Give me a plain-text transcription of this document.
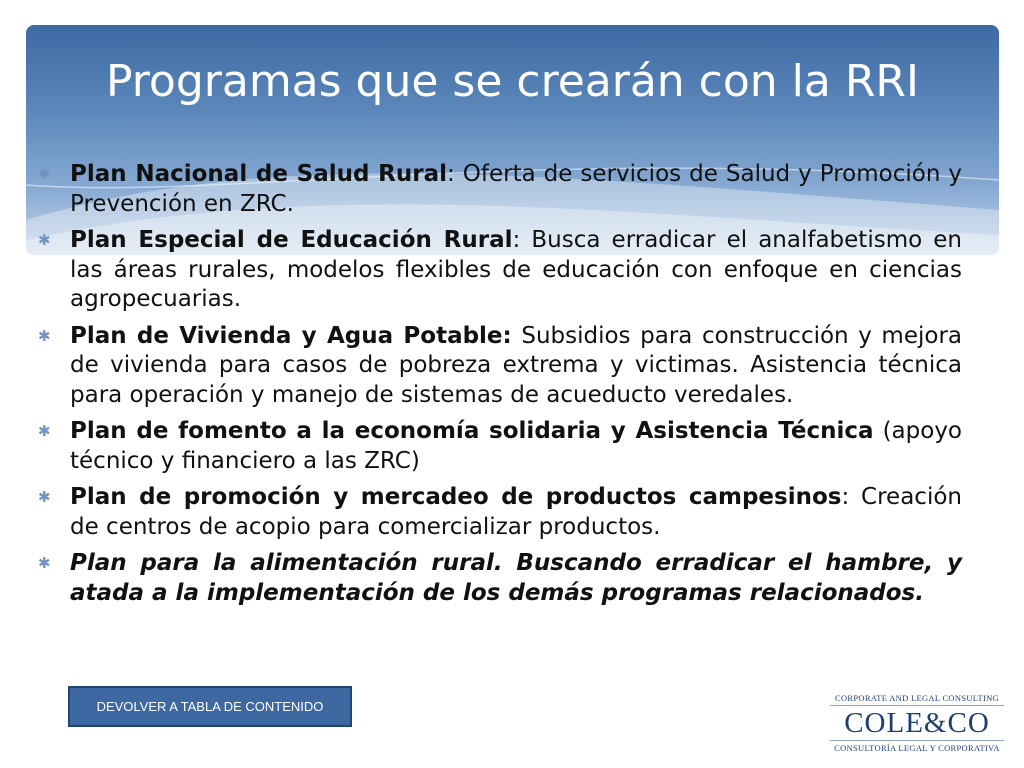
Programas que se crearán con la RRI
✱ Plan Nacional de Salud Rural: Oferta de servicios de Salud y Promoción y Prevención en ZRC.
✱ Plan Especial de Educación Rural: Busca erradicar el analfabetismo en las áreas rurales, modelos flexibles de educación con enfoque en ciencias agropecuarias.
✱ Plan de Vivienda y Agua Potable: Subsidios para construcción y mejora de vivienda para casos de pobreza extrema y victimas. Asistencia técnica para operación y manejo de sistemas de acueducto veredales.
✱ Plan de fomento a la economía solidaria y Asistencia Técnica (apoyo técnico y financiero a las ZRC)
✱ Plan de promoción y mercadeo de productos campesinos: Creación de centros de acopio para comercializar productos.
✱ Plan para la alimentación rural. Buscando erradicar el hambre, y atada a la implementación de los demás programas relacionados.
DEVOLVER A TABLA DE CONTENIDO
CORPORATE AND LEGAL CONSULTING
COLE&CO
CONSULTORÍA LEGAL Y CORPORATIVA
